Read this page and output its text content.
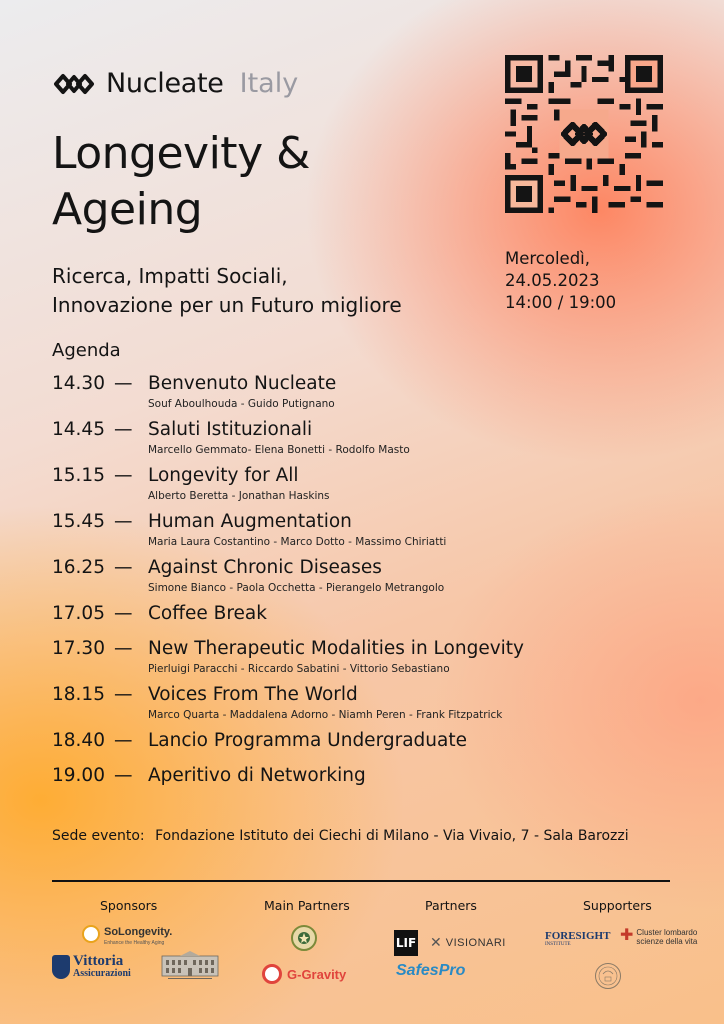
Nucleate Italy
Longevity & Ageing
Ricerca, Impatti Sociali,
Innovazione per un Futuro migliore
Mercoledì,
24.05.2023
14:00 / 19:00
Agenda
14.30 — Benvenuto Nucleate
Souf Aboulhouda - Guido Putignano
14.45 — Saluti Istituzionali
Marcello Gemmato- Elena Bonetti - Rodolfo Masto
15.15 — Longevity for All
Alberto Beretta - Jonathan Haskins
15.45 — Human Augmentation
Maria Laura Costantino - Marco Dotto - Massimo Chiriatti
16.25 — Against Chronic Diseases
Simone Bianco - Paola Occhetta - Pierangelo Metrangolo
17.05 — Coffee Break
17.30 — New Therapeutic Modalities in Longevity
Pierluigi Paracchi - Riccardo Sabatini - Vittorio Sebastiano
18.15 — Voices From The World
Marco Quarta - Maddalena Adorno - Niamh Peren - Frank Fitzpatrick
18.40 — Lancio Programma Undergraduate
19.00 — Aperitivo di Networking
Sede evento: Fondazione Istituto dei Ciechi di Milano - Via Vivaio, 7 - Sala Barozzi
Sponsors	Main Partners	Partners	Supporters
SoLongevity.
Enhance the Healthy Aging
Vittoria
Assicurazioni	G-Gravity
LIF ✕ VISIONARI
SafesPro
FORESIGHT
INSTITUTE
✚ Cluster lombardo
scienze della vita
